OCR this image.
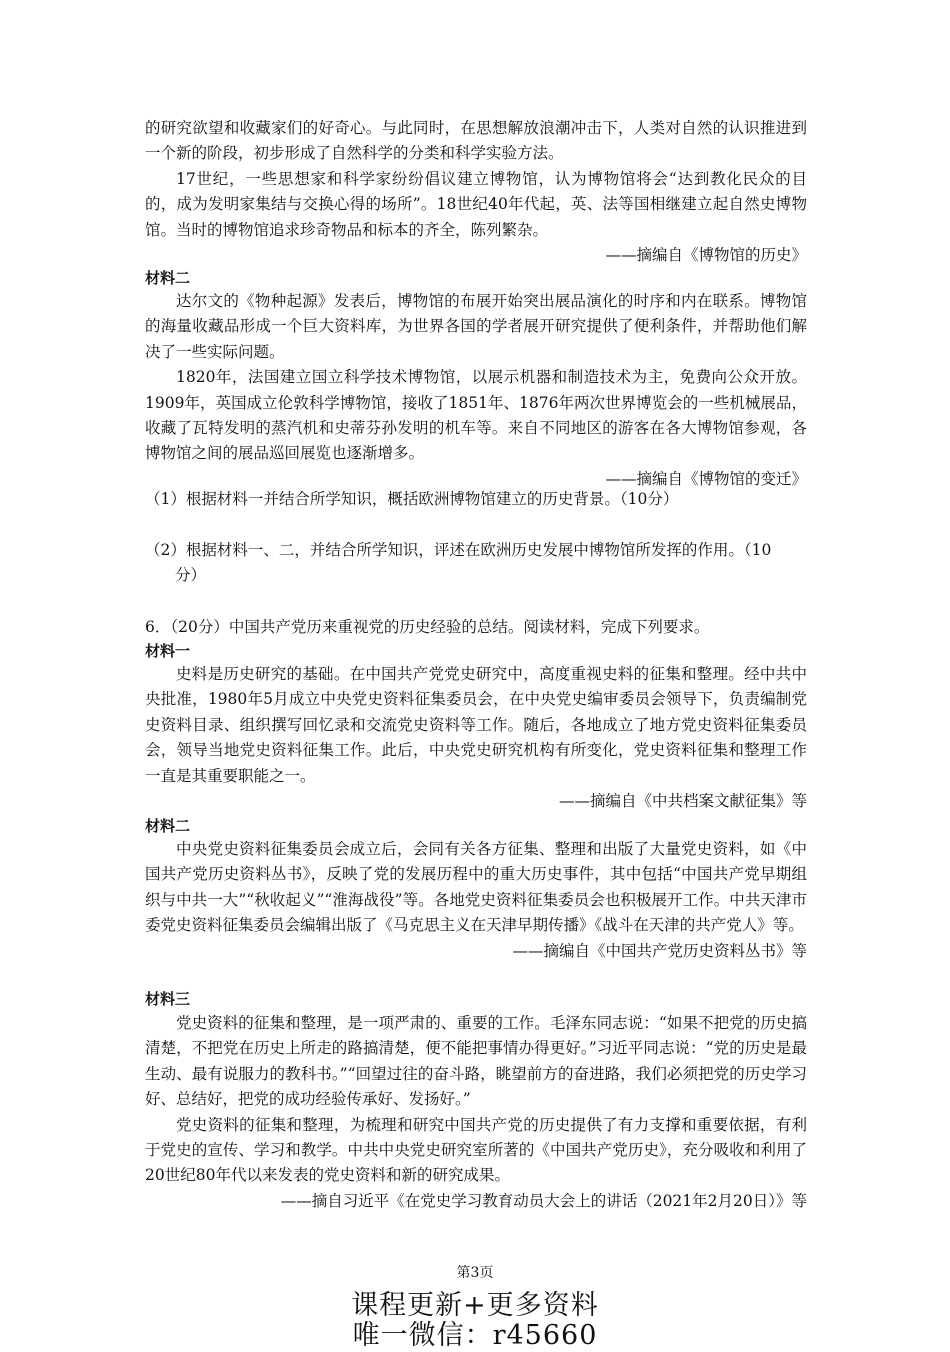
的研究欲望和收藏家们的好奇心。与此同时，在思想解放浪潮冲击下，人类对自然的认识推进到一个新的阶段，初步形成了自然科学的分类和科学实验方法。

17世纪，一些思想家和科学家纷纷倡议建立博物馆，认为博物馆将会“达到教化民众的目的，成为发明家集结与交换心得的场所”。18世纪40年代起，英、法等国相继建立起自然史博物馆。当时的博物馆追求珍奇物品和标本的齐全，陈列繁杂。

——摘编自《博物馆的历史》

材料二

达尔文的《物种起源》发表后，博物馆的布展开始突出展品演化的时序和内在联系。博物馆的海量收藏品形成一个巨大资料库，为世界各国的学者展开研究提供了便利条件，并帮助他们解决了一些实际问题。

1820年，法国建立国立科学技术博物馆，以展示机器和制造技术为主，免费向公众开放。1909年，英国成立伦敦科学博物馆，接收了1851年、1876年两次世界博览会的一些机械展品，收藏了瓦特发明的蒸汽机和史蒂芬孙发明的机车等。来自不同地区的游客在各大博物馆参观，各博物馆之间的展品巡回展览也逐渐增多。

——摘编自《博物馆的变迁》

（1）根据材料一并结合所学知识，概括欧洲博物馆建立的历史背景。（10分）
（2）根据材料一、二，并结合所学知识，评述在欧洲历史发展中博物馆所发挥的作用。（10
分）
6．（20分）中国共产党历来重视党的历史经验的总结。阅读材料，完成下列要求。
材料一

史料是历史研究的基础。在中国共产党党史研究中，高度重视史料的征集和整理。经中共中央批准，1980年5月成立中央党史资料征集委员会，在中央党史编审委员会领导下，负责编制党史资料目录、组织撰写回忆录和交流党史资料等工作。随后，各地成立了地方党史资料征集委员会，领导当地党史资料征集工作。此后，中央党史研究机构有所变化，党史资料征集和整理工作一直是其重要职能之一。

——摘编自《中共档案文献征集》等

材料二

中央党史资料征集委员会成立后，会同有关各方征集、整理和出版了大量党史资料，如《中国共产党历史资料丛书》，反映了党的发展历程中的重大历史事件，其中包括“中国共产党早期组织与中共一大”“秋收起义”“淮海战役”等。各地党史资料征集委员会也积极展开工作。中共天津市委党史资料征集委员会编辑出版了《马克思主义在天津早期传播》《战斗在天津的共产党人》等。

——摘编自《中国共产党历史资料丛书》等

材料三

党史资料的征集和整理，是一项严肃的、重要的工作。毛泽东同志说：“如果不把党的历史搞清楚，不把党在历史上所走的路搞清楚，便不能把事情办得更好。”习近平同志说：“党的历史是最生动、最有说服力的教科书。”“回望过往的奋斗路，眺望前方的奋进路，我们必须把党的历史学习好、总结好，把党的成功经验传承好、发扬好。”

党史资料的征集和整理，为梳理和研究中国共产党的历史提供了有力支撑和重要依据，有利于党史的宣传、学习和教学。中共中央党史研究室所著的《中国共产党历史》，充分吸收和利用了20世纪80年代以来发表的党史资料和新的研究成果。

——摘自习近平《在党史学习教育动员大会上的讲话（2021年2月20日）》等

第3页
课程更新+更多资料
唯一微信：r45660
